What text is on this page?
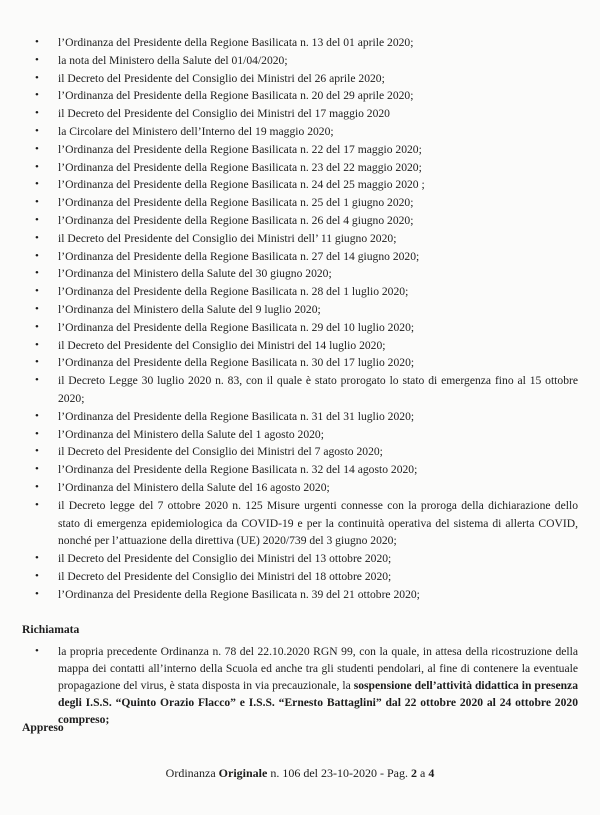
• l’Ordinanza del Presidente della Regione Basilicata n. 13 del 01 aprile 2020;
• la nota del Ministero della Salute del 01/04/2020;
• il Decreto del Presidente del Consiglio dei Ministri del 26 aprile 2020;
• l’Ordinanza del Presidente della Regione Basilicata n. 20 del 29 aprile 2020;
• il Decreto del Presidente del Consiglio dei Ministri del 17 maggio 2020
• la Circolare del Ministero dell’Interno del 19 maggio 2020;
• l’Ordinanza del Presidente della Regione Basilicata n. 22 del 17 maggio 2020;
• l’Ordinanza del Presidente della Regione Basilicata n. 23 del 22 maggio 2020;
• l’Ordinanza del Presidente della Regione Basilicata n. 24 del 25 maggio 2020 ;
• l’Ordinanza del Presidente della Regione Basilicata n. 25 del 1 giugno 2020;
• l’Ordinanza del Presidente della Regione Basilicata n. 26 del 4 giugno 2020;
• il Decreto del Presidente del Consiglio dei Ministri dell’ 11 giugno 2020;
• l’Ordinanza del Presidente della Regione Basilicata n. 27 del 14 giugno 2020;
• l’Ordinanza del Ministero della Salute del 30 giugno 2020;
• l’Ordinanza del Presidente della Regione Basilicata n. 28 del 1 luglio 2020;
• l’Ordinanza del Ministero della Salute del 9 luglio 2020;
• l’Ordinanza del Presidente della Regione Basilicata n. 29 del 10 luglio 2020;
• il Decreto del Presidente del Consiglio dei Ministri del 14 luglio 2020;
• l’Ordinanza del Presidente della Regione Basilicata n. 30 del 17 luglio 2020;
• il Decreto Legge 30 luglio 2020 n. 83, con il quale è stato prorogato lo stato di emergenza fino al 15 ottobre 2020;
• l’Ordinanza del Presidente della Regione Basilicata n. 31 del 31 luglio 2020;
• l’Ordinanza del Ministero della Salute del 1 agosto 2020;
• il Decreto del Presidente del Consiglio dei Ministri del 7 agosto 2020;
• l’Ordinanza del Presidente della Regione Basilicata n. 32 del 14 agosto 2020;
• l’Ordinanza del Ministero della Salute del 16 agosto 2020;
• il Decreto legge del 7 ottobre 2020 n. 125 Misure urgenti connesse con la proroga della dichiarazione dello stato di emergenza epidemiologica da COVID-19 e per la continuità operativa del sistema di allerta COVID, nonché per l’attuazione della direttiva (UE) 2020/739 del 3 giugno 2020;
• il Decreto del Presidente del Consiglio dei Ministri del 13 ottobre 2020;
• il Decreto del Presidente del Consiglio dei Ministri del 18 ottobre 2020;
• l’Ordinanza del Presidente della Regione Basilicata n. 39 del 21 ottobre 2020;
Richiamata
• la propria precedente Ordinanza n. 78 del 22.10.2020 RGN 99, con la quale, in attesa della ricostruzione della mappa dei contatti all’interno della Scuola ed anche tra gli studenti pendolari, al fine di contenere la eventuale propagazione del virus, è stata disposta in via precauzionale, la sospensione dell’attività didattica in presenza degli I.S.S. “Quinto Orazio Flacco” e I.S.S. “Ernesto Battaglini” dal 22 ottobre 2020 al 24 ottobre 2020 compreso;
Appreso
Ordinanza Originale n. 106 del 23-10-2020 - Pag. 2 a 4
